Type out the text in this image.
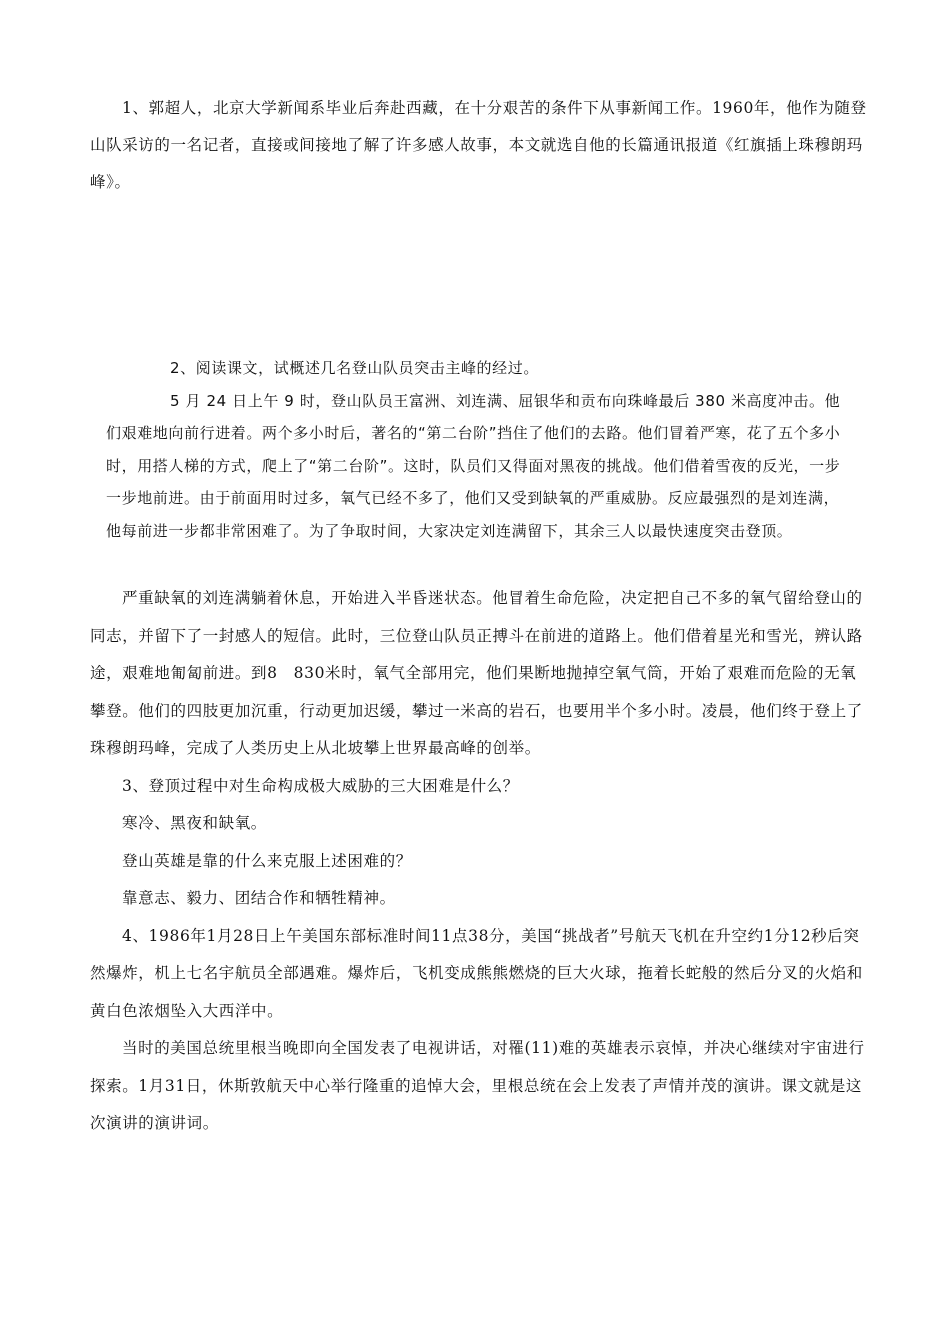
1、郭超人，北京大学新闻系毕业后奔赴西藏，在十分艰苦的条件下从事新闻工作。1960年，他作为随登山队采访的一名记者，直接或间接地了解了许多感人故事，本文就选自他的长篇通讯报道《红旗插上珠穆朗玛峰》。

2、阅读课文，试概述几名登山队员突击主峰的经过。

5 月 24 日上午 9 时，登山队员王富洲、刘连满、屈银华和贡布向珠峰最后 380 米高度冲击。他们艰难地向前行进着。两个多小时后，著名的“第二台阶”挡住了他们的去路。他们冒着严寒，花了五个多小时，用搭人梯的方式，爬上了“第二台阶”。这时，队员们又得面对黑夜的挑战。他们借着雪夜的反光，一步一步地前进。由于前面用时过多，氧气已经不多了，他们又受到缺氧的严重威胁。反应最强烈的是刘连满，他每前进一步都非常困难了。为了争取时间，大家决定刘连满留下，其余三人以最快速度突击登顶。

严重缺氧的刘连满躺着休息，开始进入半昏迷状态。他冒着生命危险，决定把自己不多的氧气留给登山的同志，并留下了一封感人的短信。此时，三位登山队员正搏斗在前进的道路上。他们借着星光和雪光，辨认路途，艰难地匍匐前进。到8　830米时，氧气全部用完，他们果断地抛掉空氧气筒，开始了艰难而危险的无氧攀登。他们的四肢更加沉重，行动更加迟缓，攀过一米高的岩石，也要用半个多小时。凌晨，他们终于登上了珠穆朗玛峰，完成了人类历史上从北坡攀上世界最高峰的创举。

3、登顶过程中对生命构成极大威胁的三大困难是什么？

寒冷、黑夜和缺氧。

登山英雄是靠的什么来克服上述困难的？

靠意志、毅力、团结合作和牺牲精神。

4、1986年1月28日上午美国东部标准时间11点38分，美国“挑战者”号航天飞机在升空约1分12秒后突然爆炸，机上七名宇航员全部遇难。爆炸后，飞机变成熊熊燃烧的巨大火球，拖着长蛇般的然后分叉的火焰和黄白色浓烟坠入大西洋中。

当时的美国总统里根当晚即向全国发表了电视讲话，对罹(11)难的英雄表示哀悼，并决心继续对宇宙进行探索。1月31日，休斯敦航天中心举行隆重的追悼大会，里根总统在会上发表了声情并茂的演讲。课文就是这次演讲的演讲词。
